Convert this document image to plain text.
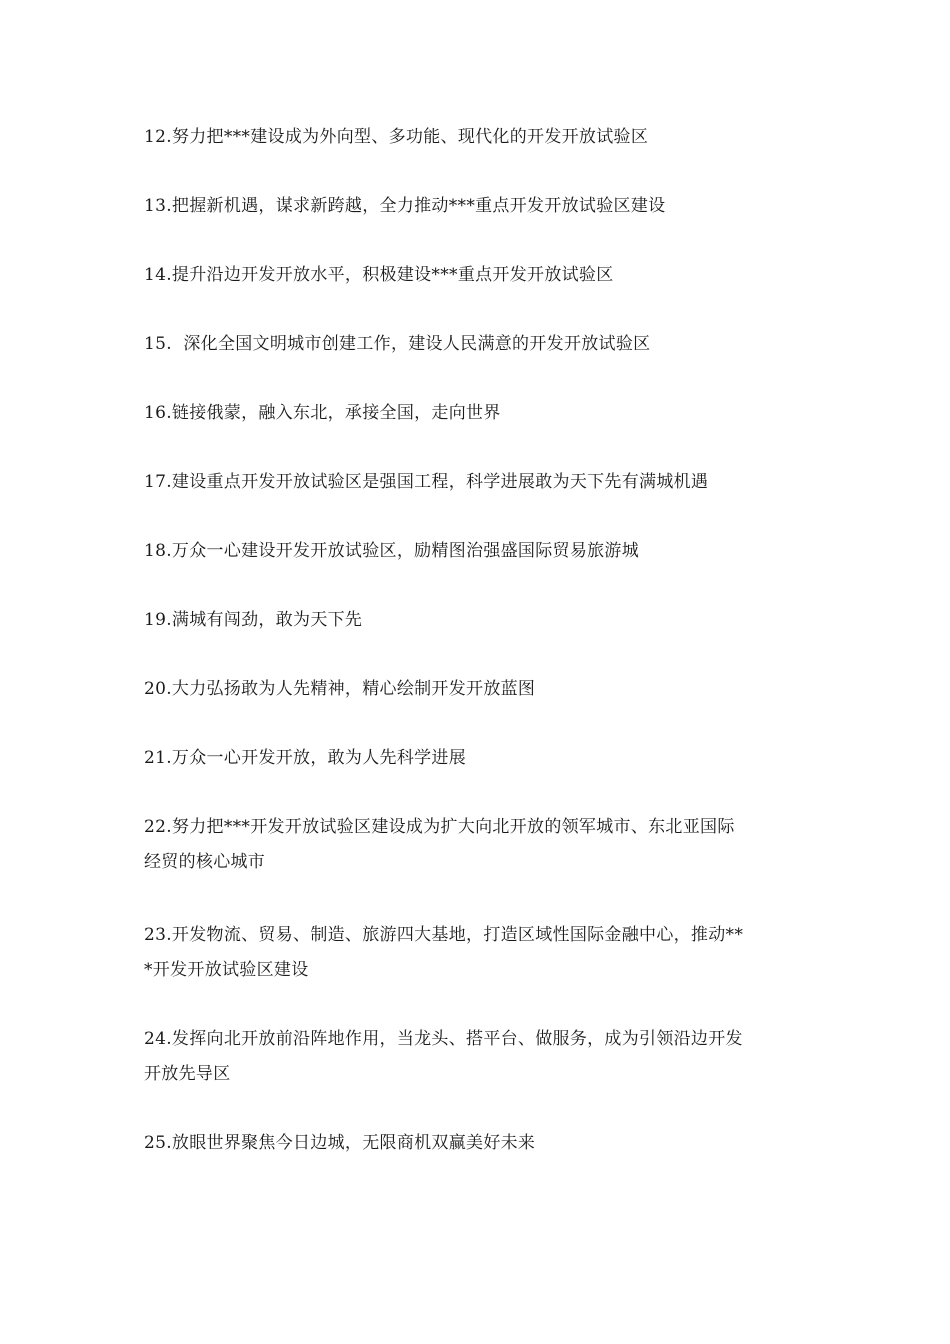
12.努力把***建设成为外向型、多功能、现代化的开发开放试验区
13.把握新机遇，谋求新跨越，全力推动***重点开发开放试验区建设
14.提升沿边开发开放水平，积极建设***重点开发开放试验区
15.  深化全国文明城市创建工作，建设人民满意的开发开放试验区
16.链接俄蒙，融入东北，承接全国，走向世界
17.建设重点开发开放试验区是强国工程，科学进展敢为天下先有满城机遇
18.万众一心建设开发开放试验区，励精图治强盛国际贸易旅游城
19.满城有闯劲，敢为天下先
20.大力弘扬敢为人先精神，精心绘制开发开放蓝图
21.万众一心开发开放，敢为人先科学进展
22.努力把***开发开放试验区建设成为扩大向北开放的领军城市、东北亚国际
经贸的核心城市
23.开发物流、贸易、制造、旅游四大基地，打造区域性国际金融中心，推动**
*开发开放试验区建设
24.发挥向北开放前沿阵地作用，当龙头、搭平台、做服务，成为引领沿边开发
开放先导区
25.放眼世界聚焦今日边城，无限商机双赢美好未来
